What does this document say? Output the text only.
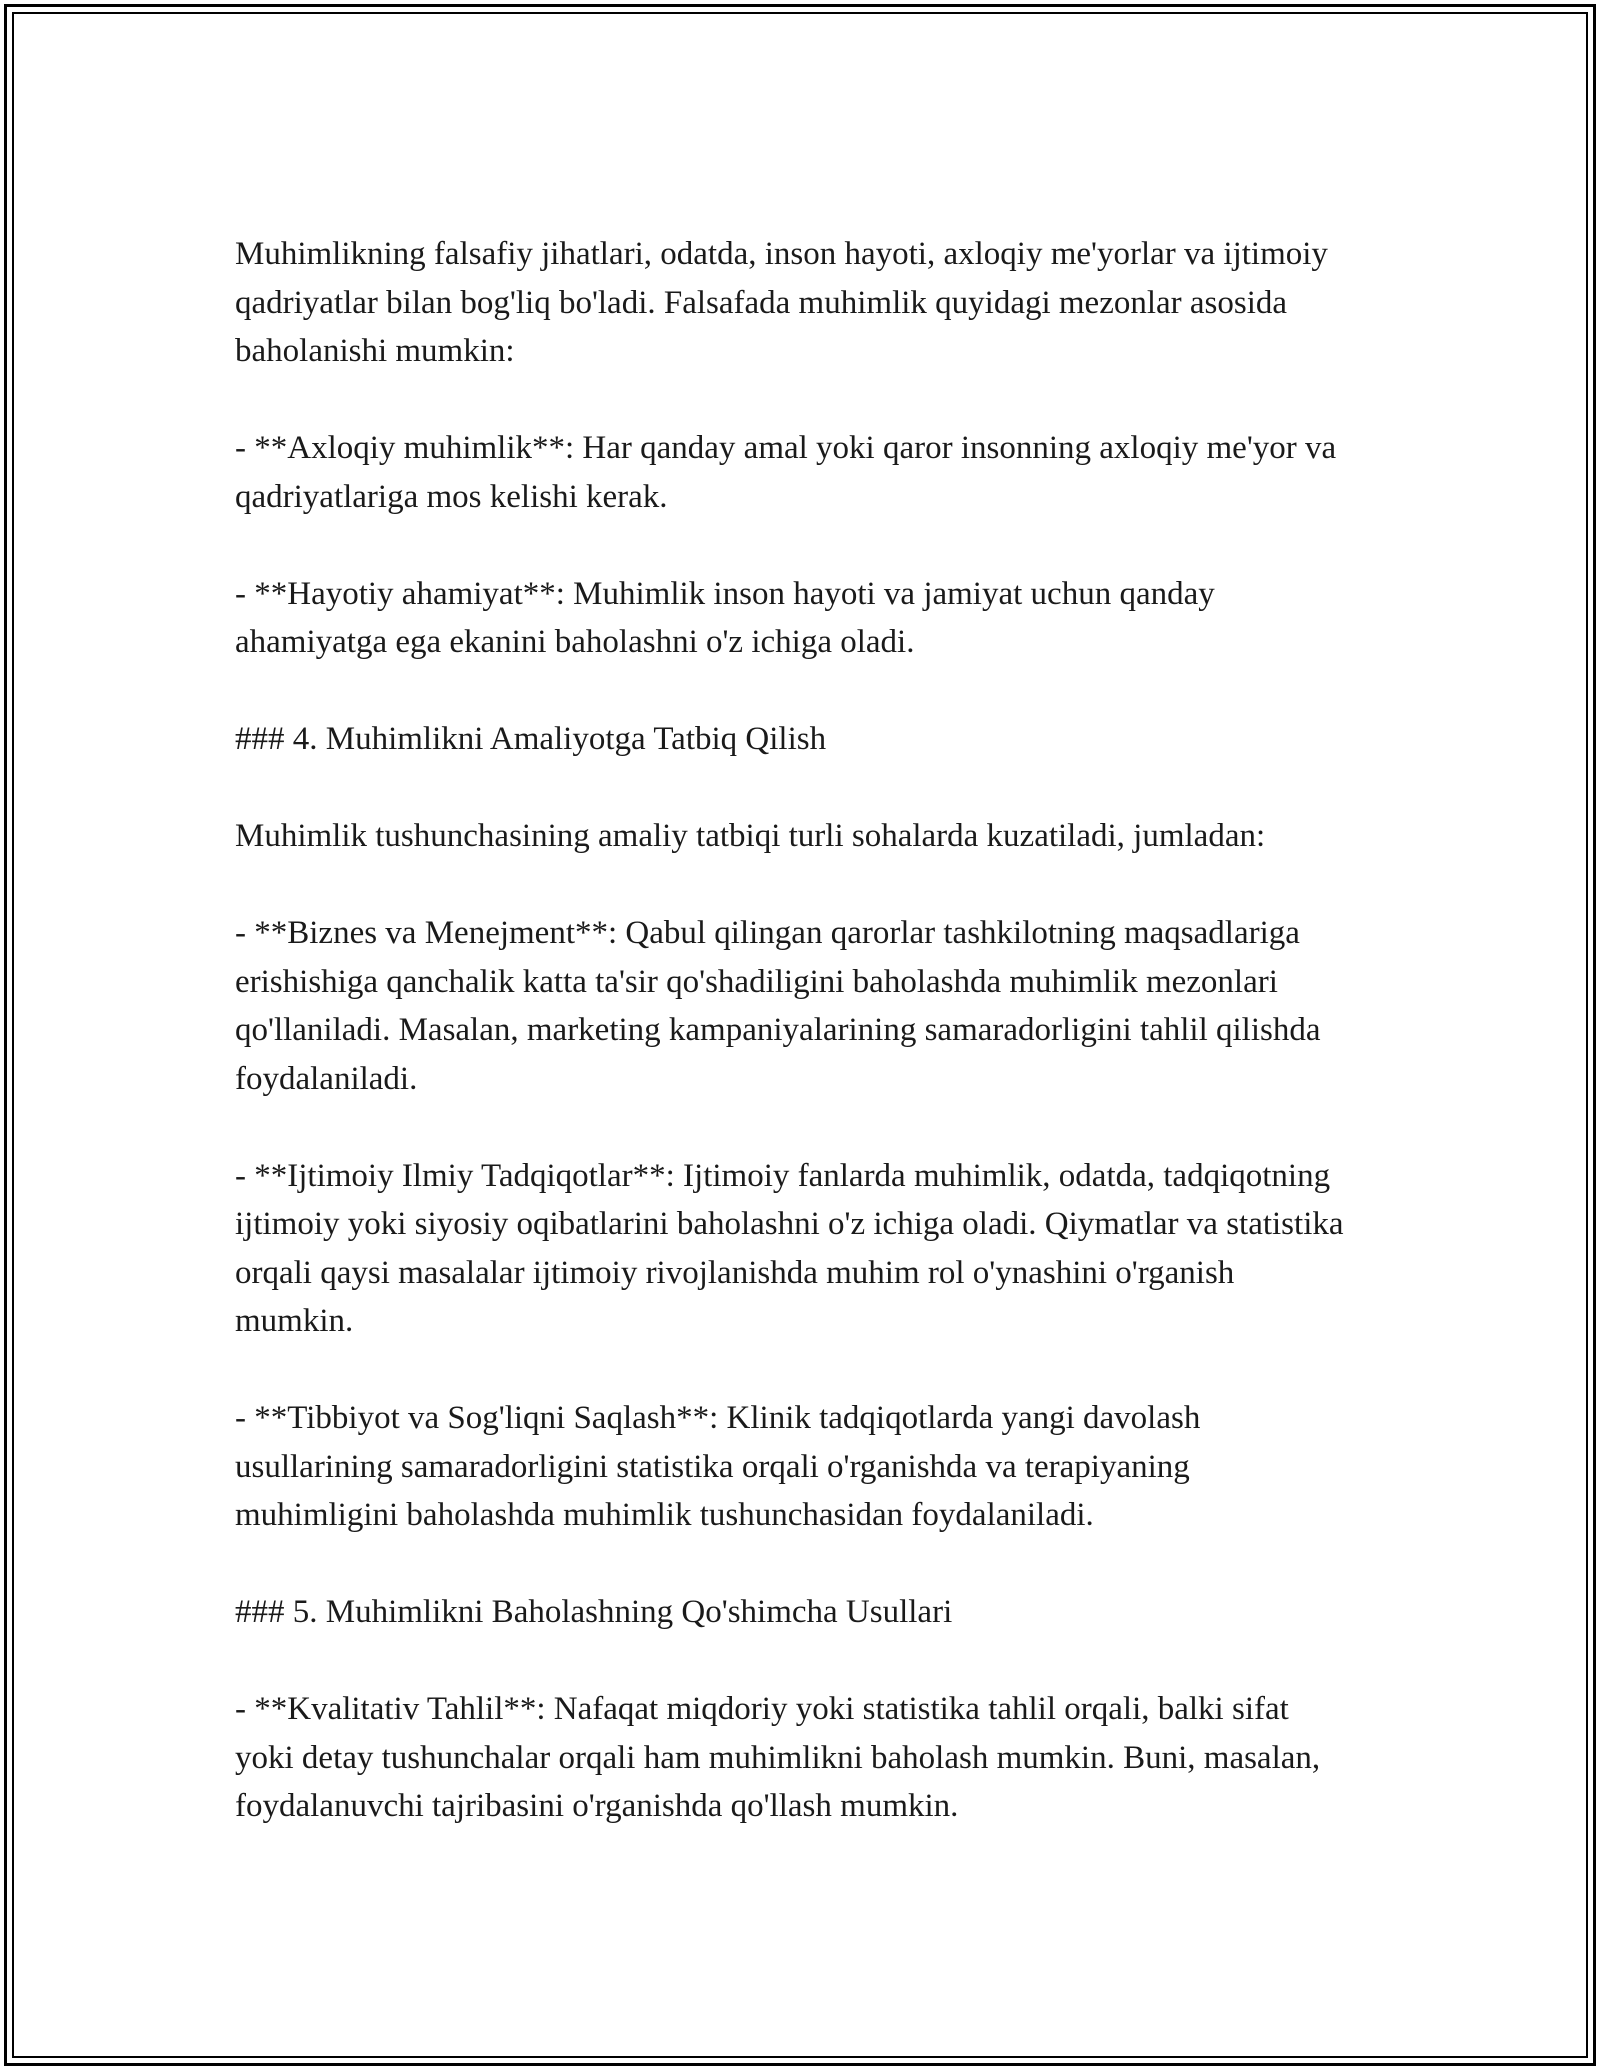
Muhimlikning falsafiy jihatlari, odatda, inson hayoti, axloqiy me'yorlar va ijtimoiy qadriyatlar bilan bog'liq bo'ladi. Falsafada muhimlik quyidagi mezonlar asosida baholanishi mumkin:

- **Axloqiy muhimlik**: Har qanday amal yoki qaror insonning axloqiy me'yor va qadriyatlariga mos kelishi kerak.

- **Hayotiy ahamiyat**: Muhimlik inson hayoti va jamiyat uchun qanday ahamiyatga ega ekanini baholashni o'z ichiga oladi.

### 4. Muhimlikni Amaliyotga Tatbiq Qilish

Muhimlik tushunchasining amaliy tatbiqi turli sohalarda kuzatiladi, jumladan:

- **Biznes va Menejment**: Qabul qilingan qarorlar tashkilotning maqsadlariga erishishiga qanchalik katta ta'sir qo'shadiligini baholashda muhimlik mezonlari qo'llaniladi. Masalan, marketing kampaniyalarining samaradorligini tahlil qilishda foydalaniladi.

- **Ijtimoiy Ilmiy Tadqiqotlar**: Ijtimoiy fanlarda muhimlik, odatda, tadqiqotning ijtimoiy yoki siyosiy oqibatlarini baholashni o'z ichiga oladi. Qiymatlar va statistika orqali qaysi masalalar ijtimoiy rivojlanishda muhim rol o'ynashini o'rganish mumkin.

- **Tibbiyot va Sog'liqni Saqlash**: Klinik tadqiqotlarda yangi davolash usullarining samaradorligini statistika orqali o'rganishda va terapiyaning muhimligini baholashda muhimlik tushunchasidan foydalaniladi.

### 5. Muhimlikni Baholashning Qo'shimcha Usullari

- **Kvalitativ Tahlil**: Nafaqat miqdoriy yoki statistika tahlil orqali, balki sifat yoki detay tushunchalar orqali ham muhimlikni baholash mumkin. Buni, masalan, foydalanuvchi tajribasini o'rganishda qo'llash mumkin.
